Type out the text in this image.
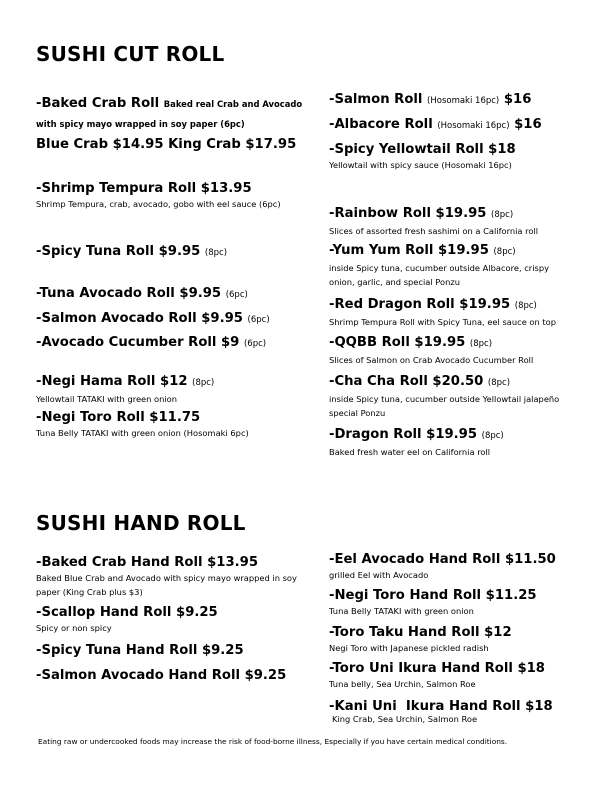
SUSHI CUT ROLL
-Baked Crab Roll Baked real Crab and Avocado with spicy mayo wrapped in soy paper (6pc)
Blue Crab $14.95 King Crab $17.95
-Shrimp Tempura Roll $13.95

Shrimp Tempura, crab, avocado, gobo with eel sauce (6pc)

-Spicy Tuna Roll $9.95 (8pc)
-Tuna Avocado Roll $9.95 (6pc)
-Salmon Avocado Roll $9.95 (6pc)
-Avocado Cucumber Roll $9 (6pc)
-Negi Hama Roll $12 (8pc)

Yellowtail TATAKI with green onion

-Negi Toro Roll $11.75

Tuna Belly TATAKI with green onion (Hosomaki 6pc)

-Salmon Roll (Hosomaki 16pc) $16
-Albacore Roll (Hosomaki 16pc) $16
-Spicy Yellowtail Roll $18

Yellowtail with spicy sauce (Hosomaki 16pc)

-Rainbow Roll $19.95 (8pc)

Slices of assorted fresh sashimi on a California roll

-Yum Yum Roll $19.95 (8pc)

inside Spicy tuna, cucumber outside Albacore, crispy onion, garlic, and special Ponzu

-Red Dragon Roll $19.95 (8pc)

Shrimp Tempura Roll with Spicy Tuna, eel sauce on top

-QQBB Roll $19.95 (8pc)

Slices of Salmon on Crab Avocado Cucumber Roll

-Cha Cha Roll $20.50 (8pc)

inside Spicy tuna, cucumber outside Yellowtail jalapeño special Ponzu

-Dragon Roll $19.95 (8pc)

Baked fresh water eel on California roll

SUSHI HAND ROLL
-Baked Crab Hand Roll $13.95

Baked Blue Crab and Avocado with spicy mayo wrapped in soy paper (King Crab plus $3)

-Scallop Hand Roll $9.25

Spicy or non spicy

-Spicy Tuna Hand Roll $9.25
-Salmon Avocado Hand Roll $9.25
-Eel Avocado Hand Roll $11.50

grilled Eel with Avocado

-Negi Toro Hand Roll $11.25

Tuna Belly TATAKI with green onion

-Toro Taku Hand Roll $12

Negi Toro with Japanese pickled radish

-Toro Uni Ikura Hand Roll $18

Tuna belly, Sea Urchin, Salmon Roe

-Kani Uni  Ikura Hand Roll $18

King Crab, Sea Urchin, Salmon Roe

Eating raw or undercooked foods may increase the risk of food-borne illness, Especially if you have certain medical conditions.
